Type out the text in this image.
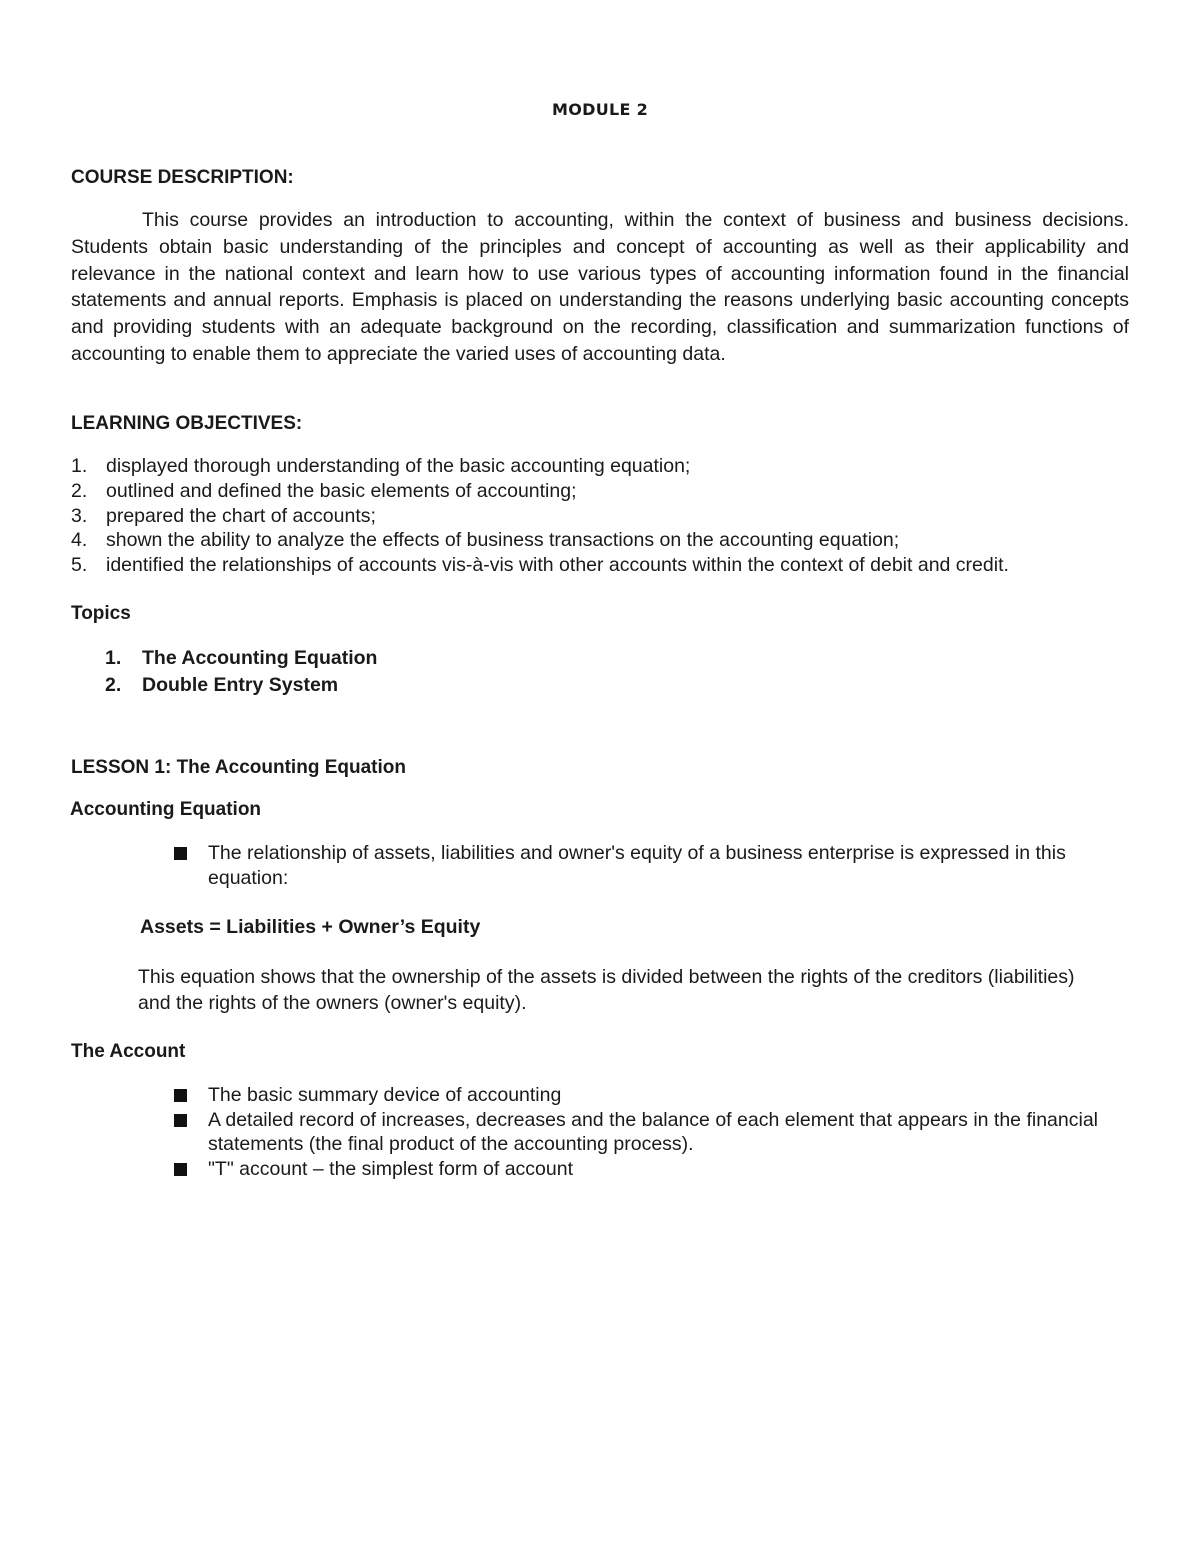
MODULE 2
COURSE DESCRIPTION:

This course provides an introduction to accounting, within the context of business and business decisions. Students obtain basic understanding of the principles and concept of accounting as well as their applicability and relevance in the national context and learn how to use various types of accounting information found in the financial statements and annual reports. Emphasis is placed on understanding the reasons underlying basic accounting concepts and providing students with an adequate background on the recording, classification and summarization functions of accounting to enable them to appreciate the varied uses of accounting data.

LEARNING OBJECTIVES:
1. displayed thorough understanding of the basic accounting equation;
2. outlined and defined the basic elements of accounting;
3. prepared the chart of accounts;
4. shown the ability to analyze the effects of business transactions on the accounting equation;
5. identified the relationships of accounts vis-à-vis with other accounts within the context of debit and credit.
Topics
1.	The Accounting Equation
2.	Double Entry System
LESSON 1: The Accounting Equation
Accounting Equation
The relationship of assets, liabilities and owner's equity of a business enterprise is expressed in this equation:
Assets = Liabilities + Owner’s Equity

This equation shows that the ownership of the assets is divided between the rights of the creditors (liabilities) and the rights of the owners (owner's equity).

The Account
The basic summary device of accounting
A detailed record of increases, decreases and the balance of each element that appears in the financial statements (the final product of the accounting process).
"T" account – the simplest form of account
